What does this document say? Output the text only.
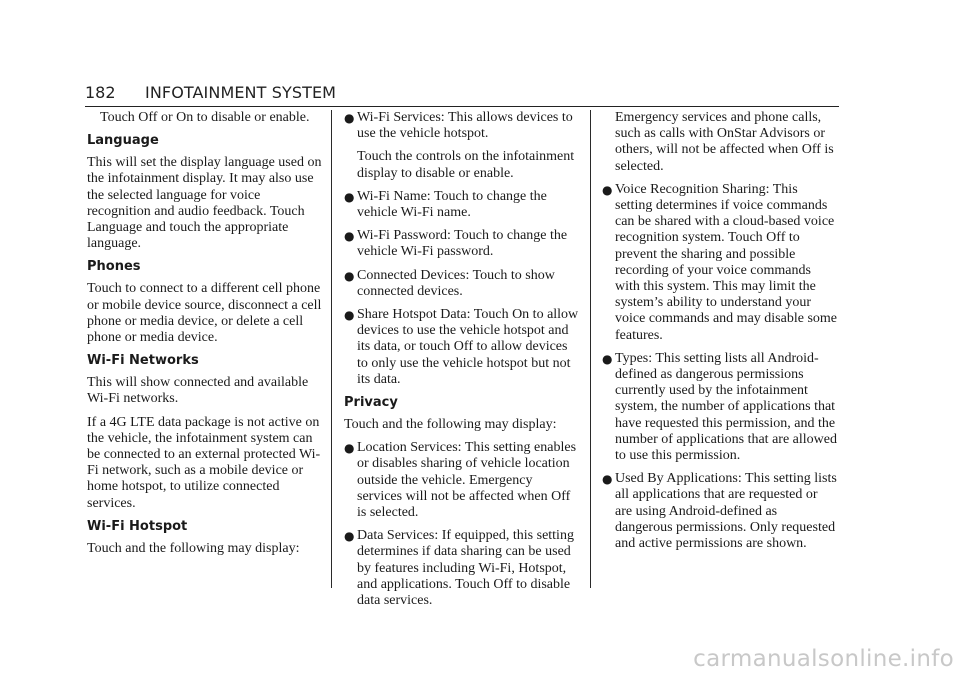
182 INFOTAINMENT SYSTEM

Touch Off or On to disable or enable.

Language

This will set the display language used on the infotainment display. It may also use the selected language for voice recognition and audio feedback. Touch Language and touch the appropriate language.

Phones

Touch to connect to a different cell phone or mobile device source, disconnect a cell phone or media device, or delete a cell phone or media device.

Wi-Fi Networks

This will show connected and available Wi-Fi networks.

If a 4G LTE data package is not active on the vehicle, the infotainment system can be connected to an external protected Wi-Fi network, such as a mobile device or home hotspot, to utilize connected services.

Wi-Fi Hotspot

Touch and the following may display:

● Wi-Fi Services: This allows devices to use the vehicle hotspot.

Touch the controls on the infotainment display to disable or enable.

● Wi-Fi Name: Touch to change the vehicle Wi-Fi name.

● Wi-Fi Password: Touch to change the vehicle Wi-Fi password.

● Connected Devices: Touch to show connected devices.

● Share Hotspot Data: Touch On to allow devices to use the vehicle hotspot and its data, or touch Off to allow devices to only use the vehicle hotspot but not its data.

Privacy

Touch and the following may display:

● Location Services: This setting enables or disables sharing of vehicle location outside the vehicle. Emergency services will not be affected when Off is selected.

● Data Services: If equipped, this setting determines if data sharing can be used by features including Wi-Fi, Hotspot, and applications. Touch Off to disable data services.

Emergency services and phone calls, such as calls with OnStar Advisors or others, will not be affected when Off is selected.

● Voice Recognition Sharing: This setting determines if voice commands can be shared with a cloud-based voice recognition system. Touch Off to prevent the sharing and possible recording of your voice commands with this system. This may limit the system’s ability to understand your voice commands and may disable some features.

● Types: This setting lists all Android-defined as dangerous permissions currently used by the infotainment system, the number of applications that have requested this permission, and the number of applications that are allowed to use this permission.

● Used By Applications: This setting lists all applications that are requested or are using Android-defined as dangerous permissions. Only requested and active permissions are shown.

carmanualsonline.info
